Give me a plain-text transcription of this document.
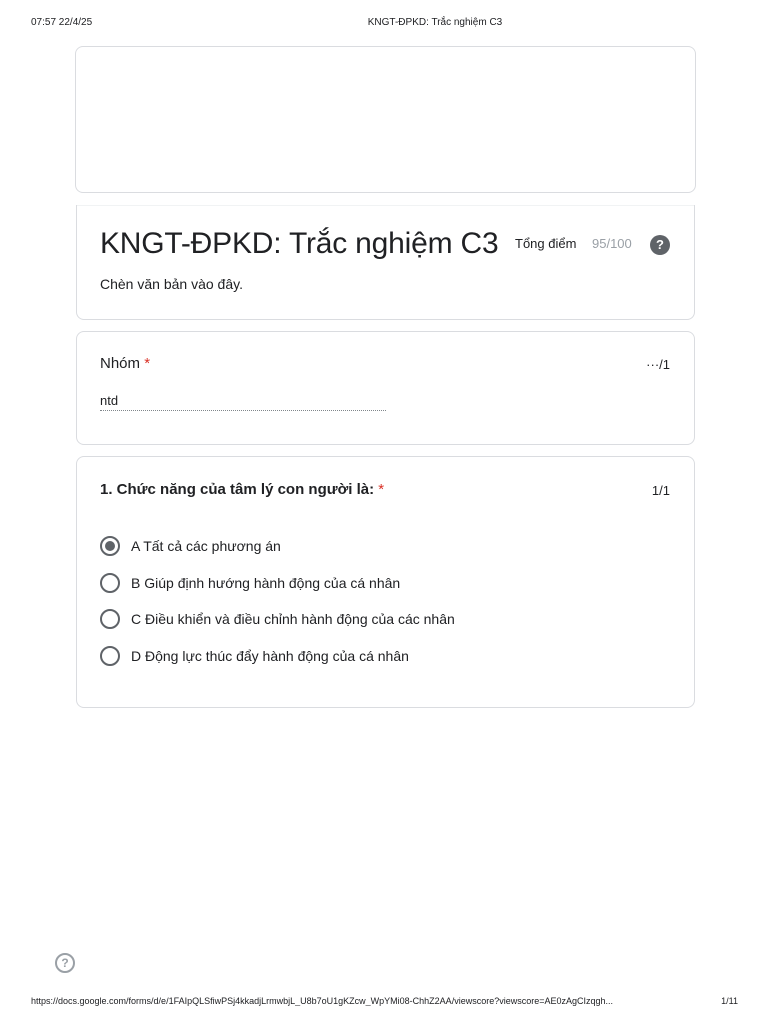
07:57 22/4/25	KNGT-ĐPKD: Trắc nghiệm C3
KNGT-ĐPKD: Trắc nghiệm C3 Tổng điểm 95/100	?
Chèn văn bản vào đây.
Nhóm *	···/1
ntd
1. Chức năng của tâm lý con người là: *	1/1
A Tất cả các phương án
B Giúp định hướng hành động của cá nhân
C Điều khiển và điều chỉnh hành động của các nhân
D Động lực thúc đẩy hành động của cá nhân
?
https://docs.google.com/forms/d/e/1FAIpQLSfiwPSj4kkadjLrmwbjL_U8b7oU1gKZcw_WpYMi08-ChhZ2AA/viewscore?viewscore=AE0zAgCIzqgh...	1/11
